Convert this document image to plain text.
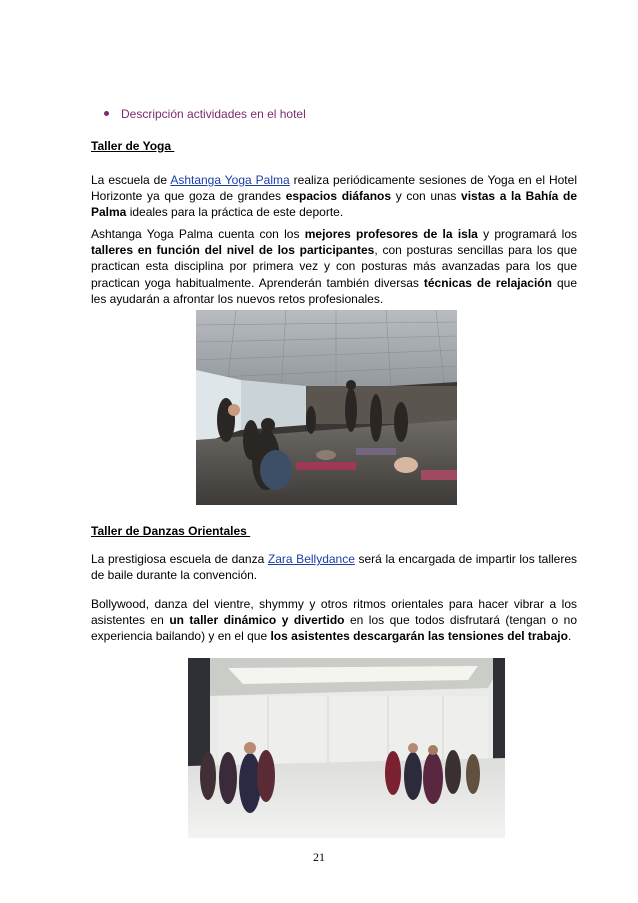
Descripción actividades en el hotel
Taller de Yoga
La escuela de Ashtanga Yoga Palma realiza periódicamente sesiones de Yoga en el Hotel Horizonte ya que goza de grandes espacios diáfanos y con unas vistas a la Bahía de Palma ideales para la práctica de este deporte.
Ashtanga Yoga Palma cuenta con los mejores profesores de la isla y programará los talleres en función del nivel de los participantes, con posturas sencillas para los que practican esta disciplina por primera vez y con posturas más avanzadas para los que practican yoga habitualmente. Aprenderán también diversas técnicas de relajación que les ayudarán a afrontar los nuevos retos profesionales.
Taller de Danzas Orientales
La prestigiosa escuela de danza Zara Bellydance será la encargada de impartir los talleres de baile durante la convención.
Bollywood, danza del vientre, shymmy y otros ritmos orientales para hacer vibrar a los asistentes en un taller dinámico y divertido en los que todos disfrutará (tengan o no experiencia bailando) y en el que los asistentes descargarán las tensiones del trabajo.
21
